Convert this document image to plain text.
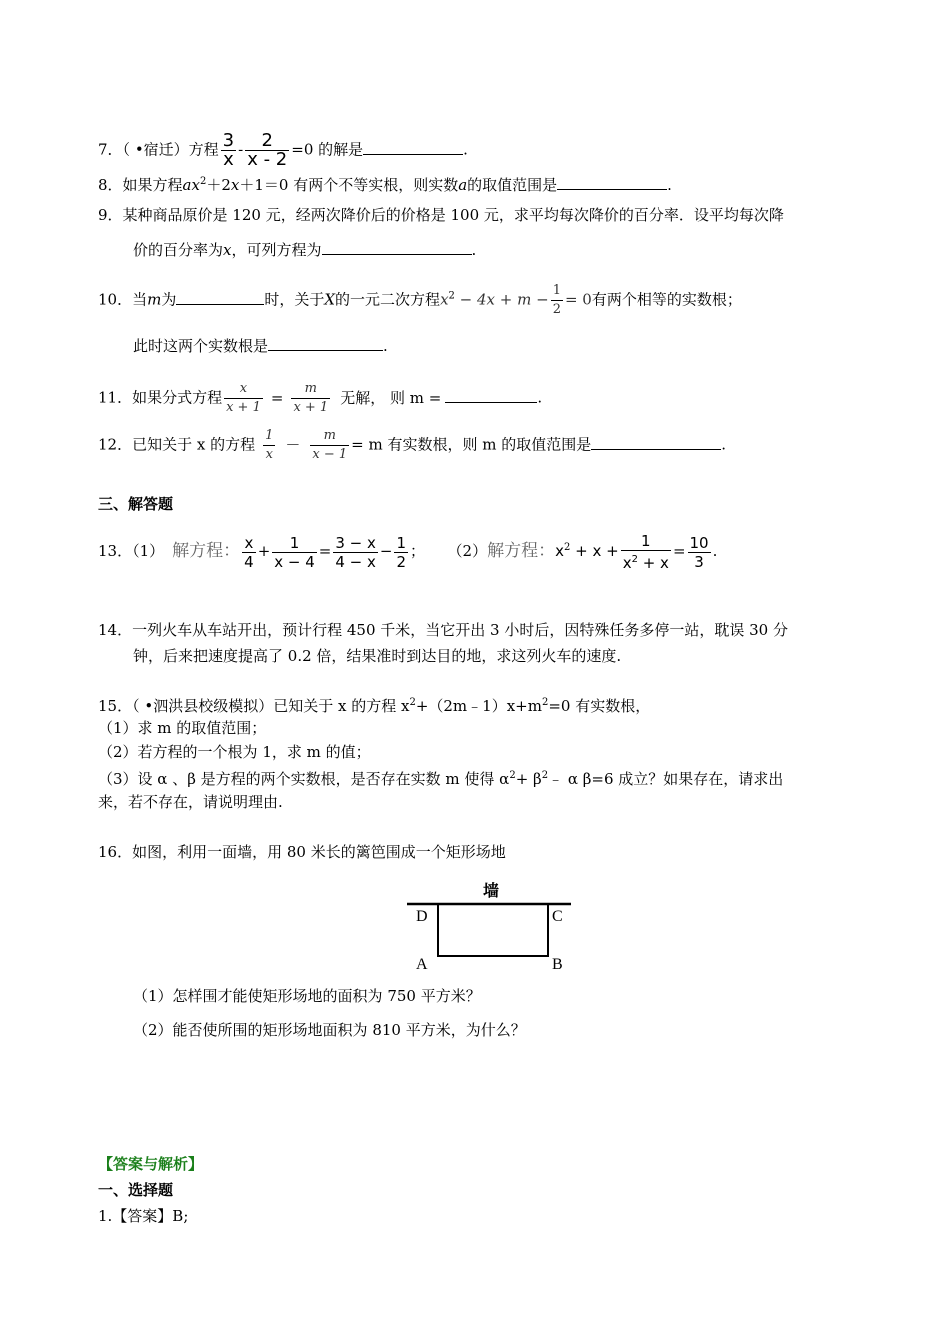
7．（ •宿迁）方程 $\frac{3}{x} - \frac{2}{x - 2} =0$ 的解是	.
8．如果方程$ax^2+2x+1=0$ 有两个不等实根，则实数a的取值范围是	.
9．某种商品原价是 120 元，经两次降价后的价格是 100 元，求平均每次降价的百分率．设平均每次降
价的百分率为x，可列方程为	.
10．当m为	时，关于X的一元二次方程$x^2 - 4x + m - \frac{1}{2} = 0$有两个相等的实数根；
此时这两个实数根是	.
11．如果分式方程 $\frac{x}{x + 1} = \frac{m}{x + 1}$ 无解， 则 m =	.
12．已知关于 x 的方程 $\frac{1}{x} - \frac{m}{x - 1} = m$ 有实数根，则 m 的取值范围是	.
三、解答题
13．（1） 解方程： $\frac{x}{4} + \frac{1}{x - 4} = \frac{3 - x}{4 - x} - \frac{1}{2}$ ； （2）解方程：$x^2 + x + \frac{1}{x^2 + x} = \frac{10}{3}$ .
14．一列火车从车站开出，预计行程 450 千米，当它开出 3 小时后，因特殊任务多停一站，耽误 30 分
钟，后来把速度提高了 0.2 倍，结果准时到达目的地，求这列火车的速度.
15．（ •泗洪县校级模拟）已知关于 x 的方程 $x^2+(2m﹣1)x+m^2=0$ 有实数根，
（1）求 m 的取值范围；
（2）若方程的一个根为 1，求 m 的值；
（3）设 α 、β 是方程的两个实数根，是否存在实数 m 使得 $\alpha^2+$ $\beta^2﹣$ α β=6 成立？如果存在，请求出
来，若不存在，请说明理由.
16．如图，利用一面墙，用 80 米长的篱笆围成一个矩形场地
墙
D	C
A	B
（1）怎样围才能使矩形场地的面积为 750 平方米？
（2）能否使所围的矩形场地面积为 810 平方米，为什么？
【答案与解析】
一、选择题
1.【答案】B;
